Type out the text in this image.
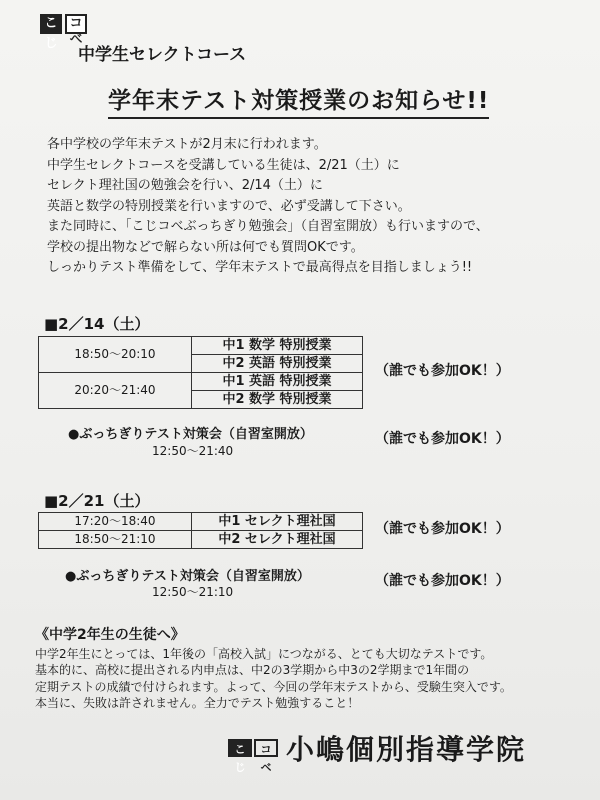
こじ
コベ
中学生セレクトコース
学年末テスト対策授業のお知らせ!!
各中学校の学年末テストが2月末に行われます。
中学生セレクトコースを受講している生徒は、2/21（土）に
セレクト理社国の勉強会を行い、2/14（土）に
英語と数学の特別授業を行いますので、必ず受講して下さい。
また同時に、「こじコベぶっちぎり勉強会」（自習室開放）も行いますので、
学校の提出物などで解らない所は何でも質問OKです。
しっかりテスト準備をして、学年末テストで最高得点を目指しましょう!!
■2／14（土）
18:50～20:10	中1 数学 特別授業
	中2 英語 特別授業
20:20～21:40	中1 英語 特別授業
	中2 数学 特別授業
（誰でも参加OK！）
●ぶっちぎりテスト対策会（自習室開放）
12:50～21:40
（誰でも参加OK！）
■2／21（土）
17:20～18:40	中1 セレクト理社国
18:50～21:10	中2 セレクト理社国
（誰でも参加OK！）
●ぶっちぎりテスト対策会（自習室開放）
12:50～21:10
（誰でも参加OK！）
《中学2年生の生徒へ》
中学2年生にとっては、1年後の「高校入試」につながる、とても大切なテストです。
基本的に、高校に提出される内申点は、中2の3学期から中3の2学期まで1年間の
定期テストの成績で付けられます。よって、今回の学年末テストから、受験生突入です。
本当に、失敗は許されません。全力でテスト勉強すること！
こじ
コベ
小嶋個別指導学院
